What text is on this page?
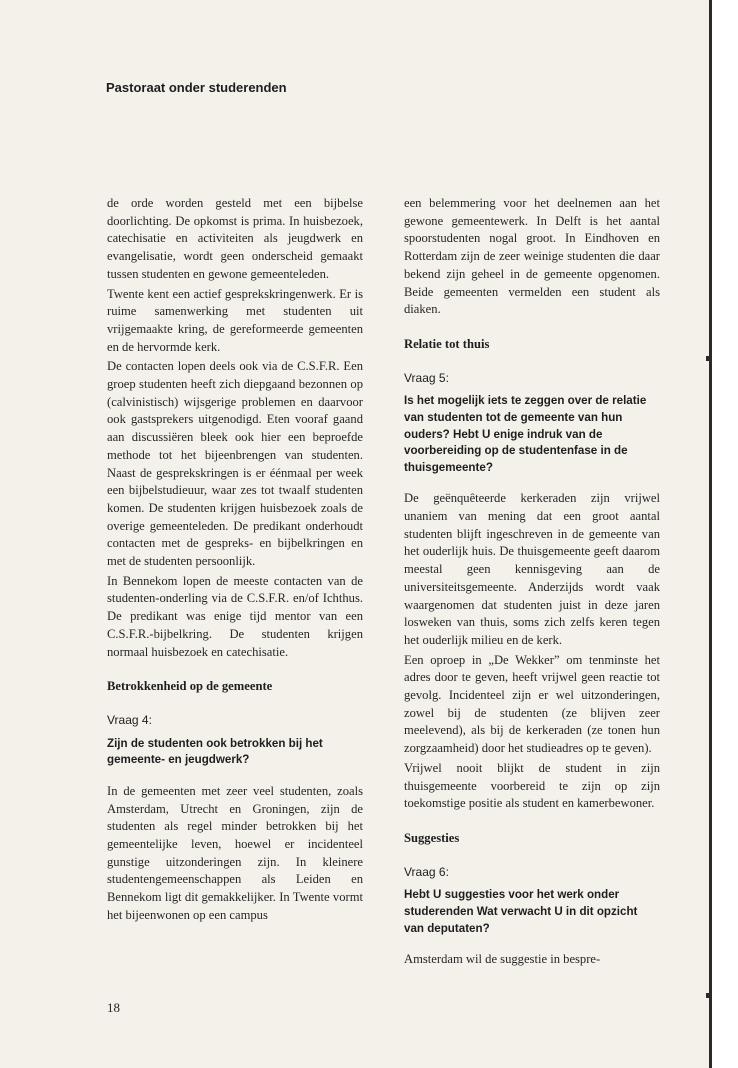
Pastoraat onder studerenden

de orde worden gesteld met een bijbelse doorlichting. De opkomst is prima. In huisbezoek, catechisatie en activiteiten als jeugdwerk en evangelisatie, wordt geen onderscheid gemaakt tussen studenten en gewone gemeenteleden.

Twente kent een actief gesprekskringenwerk. Er is ruime samenwerking met studenten uit vrijgemaakte kring, de gereformeerde gemeenten en de hervormde kerk.

De contacten lopen deels ook via de C.S.F.R. Een groep studenten heeft zich diepgaand bezonnen op (calvinistisch) wijsgerige problemen en daarvoor ook gastsprekers uitgenodigd. Eten vooraf gaand aan discussiëren bleek ook hier een beproefde methode tot het bijeenbrengen van studenten. Naast de gesprekskringen is er éénmaal per week een bijbelstudieuur, waar zes tot twaalf studenten komen. De studenten krijgen huisbezoek zoals de overige gemeenteleden. De predikant onderhoudt contacten met de gespreks- en bijbelkringen en met de studenten persoonlijk.

In Bennekom lopen de meeste contacten van de studenten-onderling via de C.S.F.R. en/of Ichthus. De predikant was enige tijd mentor van een C.S.F.R.-bijbelkring. De studenten krijgen normaal huisbezoek en catechisatie.

Betrokkenheid op de gemeente
Vraag 4:
Zijn de studenten ook betrokken bij het gemeente- en jeugdwerk?

In de gemeenten met zeer veel studenten, zoals Amsterdam, Utrecht en Groningen, zijn de studenten als regel minder betrokken bij het gemeentelijke leven, hoewel er incidenteel gunstige uitzonderingen zijn. In kleinere studentengemeenschappen als Leiden en Bennekom ligt dit gemakkelijker. In Twente vormt het bijeenwonen op een campus

een belemmering voor het deelnemen aan het gewone gemeentewerk. In Delft is het aantal spoorstudenten nogal groot. In Eindhoven en Rotterdam zijn de zeer weinige studenten die daar bekend zijn geheel in de gemeente opgenomen. Beide gemeenten vermelden een student als diaken.

Relatie tot thuis
Vraag 5:
Is het mogelijk iets te zeggen over de relatie van studenten tot de gemeente van hun ouders? Hebt U enige indruk van de voorbereiding op de studentenfase in de thuisgemeente?

De geënquêteerde kerkeraden zijn vrijwel unaniem van mening dat een groot aantal studenten blijft ingeschreven in de gemeente van het ouderlijk huis. De thuisgemeente geeft daarom meestal geen kennisgeving aan de universiteitsgemeente. Anderzijds wordt vaak waargenomen dat studenten juist in deze jaren losweken van thuis, soms zich zelfs keren tegen het ouderlijk milieu en de kerk.

Een oproep in „De Wekker” om tenminste het adres door te geven, heeft vrijwel geen reactie tot gevolg. Incidenteel zijn er wel uitzonderingen, zowel bij de studenten (ze blijven zeer meelevend), als bij de kerkeraden (ze tonen hun zorgzaamheid) door het studieadres op te geven).

Vrijwel nooit blijkt de student in zijn thuisgemeente voorbereid te zijn op zijn toekomstige positie als student en kamerbewoner.

Suggesties
Vraag 6:
Hebt U suggesties voor het werk onder studerenden Wat verwacht U in dit opzicht van deputaten?

Amsterdam wil de suggestie in bespre-

18
